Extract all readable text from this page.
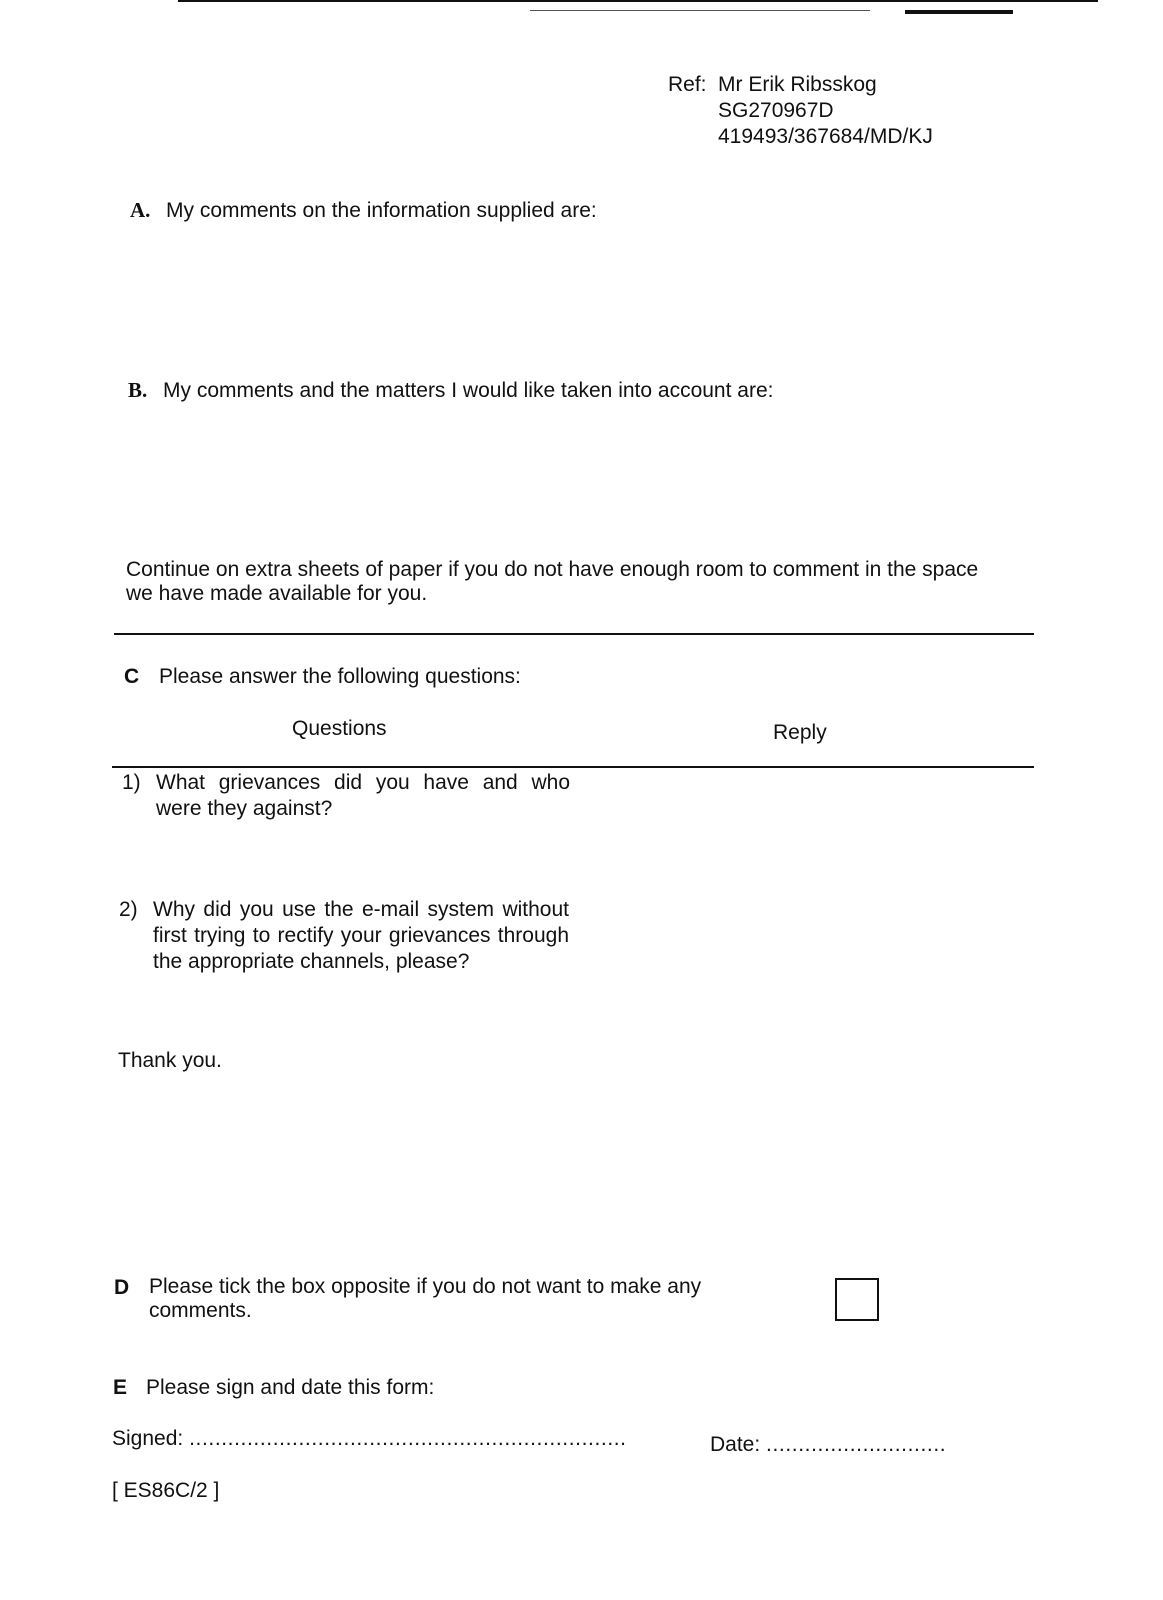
Ref: Mr Erik Ribsskog
SG270967D
419493/367684/MD/KJ
A. My comments on the information supplied are:
B. My comments and the matters I would like taken into account are:
Continue on extra sheets of paper if you do not have enough room to comment in the space
we have made available for you.
C Please answer the following questions:
Questions	Reply
1) What grievances did you have and who were they against?
2) Why did you use the e-mail system without first trying to rectify your grievances through the appropriate channels, please?
Thank you.
D Please tick the box opposite if you do not want to make any comments.
E Please sign and date this form:
Signed: ....................................................................	Date: ............................
[ ES86C/2 ]
